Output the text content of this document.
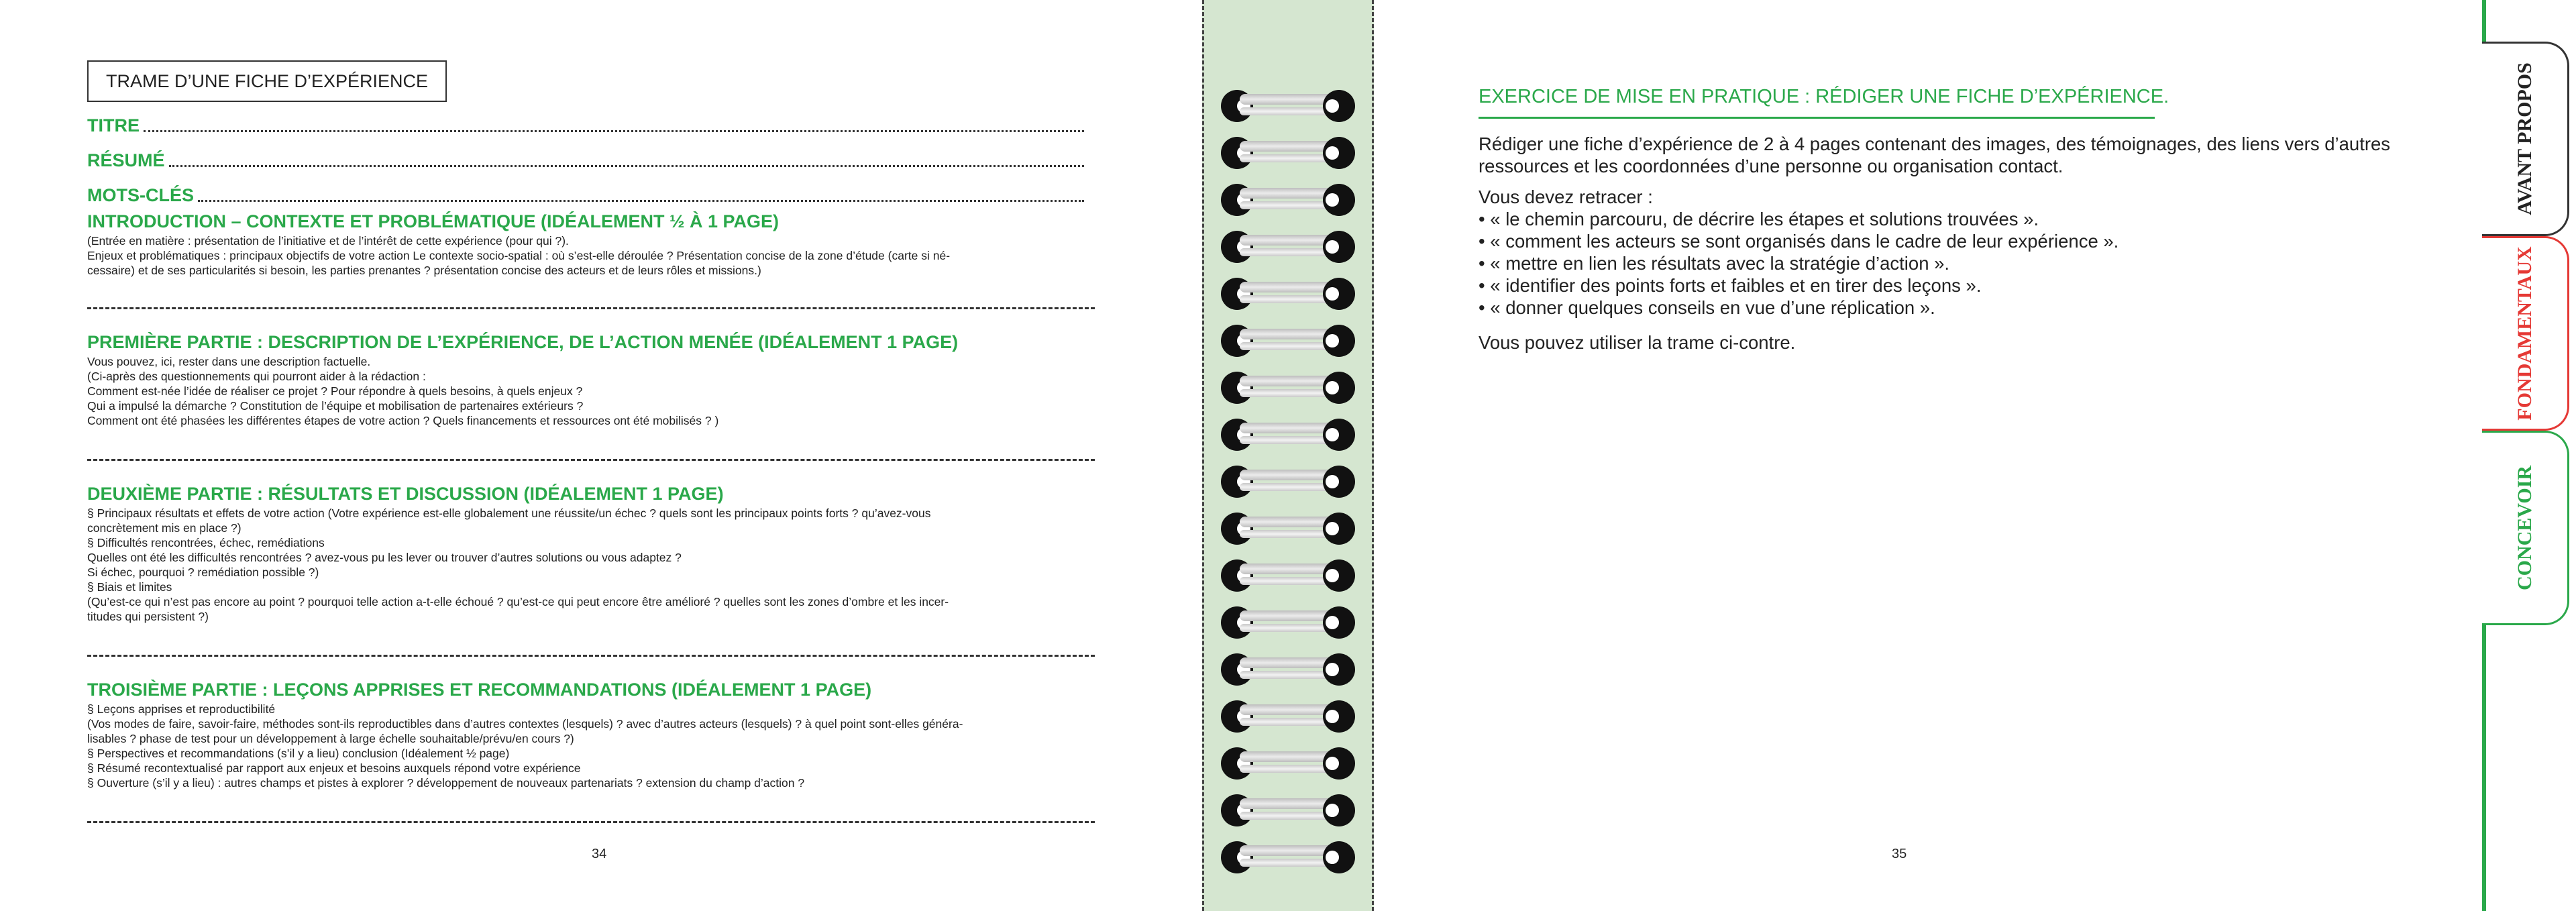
TRAME D’UNE FICHE D’EXPÉRIENCE
TITRE
RÉSUMÉ
MOTS-CLÉS
INTRODUCTION – CONTEXTE ET PROBLÉMATIQUE (IDÉALEMENT ½ À 1 PAGE)
(Entrée en matière : présentation de l’initiative et de l’intérêt de cette expérience (pour qui ?).
Enjeux et problématiques : principaux objectifs de votre action Le contexte socio-spatial : où s’est-elle déroulée ? Présentation concise de la zone d’étude (carte si né-
cessaire) et de ses particularités si besoin, les parties prenantes ? présentation concise des acteurs et de leurs rôles et missions.)
PREMIÈRE PARTIE : DESCRIPTION DE L’EXPÉRIENCE, DE L’ACTION MENÉE (IDÉALEMENT 1 PAGE)
Vous pouvez, ici, rester dans une description factuelle.
(Ci-après des questionnements qui pourront aider à la rédaction :
Comment est-née l’idée de réaliser ce projet ? Pour répondre à quels besoins, à quels enjeux ?
Qui a impulsé la démarche ? Constitution de l’équipe et mobilisation de partenaires extérieurs ?
Comment ont été phasées les différentes étapes de votre action ? Quels financements et ressources ont été mobilisés ? )
DEUXIÈME PARTIE : RÉSULTATS ET DISCUSSION (IDÉALEMENT 1 PAGE)
§ Principaux résultats et effets de votre action (Votre expérience est-elle globalement une réussite/un échec ? quels sont les principaux points forts ? qu’avez-vous
concrètement mis en place ?)
§ Difficultés rencontrées, échec, remédiations
Quelles ont été les difficultés rencontrées ? avez-vous pu les lever ou trouver d’autres solutions ou vous adaptez ?
Si échec, pourquoi ? remédiation possible ?)
§ Biais et limites
(Qu’est-ce qui n’est pas encore au point ? pourquoi telle action a-t-elle échoué ? qu’est-ce qui peut encore être amélioré ? quelles sont les zones d’ombre et les incer-
titudes qui persistent ?)
TROISIÈME PARTIE : LEÇONS APPRISES ET RECOMMANDATIONS (IDÉALEMENT 1 PAGE)
§ Leçons apprises et reproductibilité
(Vos modes de faire, savoir-faire, méthodes sont-ils reproductibles dans d’autres contextes (lesquels) ? avec d’autres acteurs (lesquels) ? à quel point sont-elles généra-
lisables ? phase de test pour un développement à large échelle souhaitable/prévu/en cours ?)
§ Perspectives et recommandations (s’il y a lieu) conclusion (Idéalement ½ page)
§ Résumé recontextualisé par rapport aux enjeux et besoins auxquels répond votre expérience
§ Ouverture (s’il y a lieu) : autres champs et pistes à explorer ? développement de nouveaux partenariats ? extension du champ d’action ?
34	35
EXERCICE DE MISE EN PRATIQUE : RÉDIGER UNE FICHE D’EXPÉRIENCE.
Rédiger une fiche d’expérience de 2 à 4 pages contenant des images, des témoignages, des liens vers d’autres
ressources et les coordonnées d’une personne ou organisation contact.
Vous devez retracer :
• « le chemin parcouru, de décrire les étapes et solutions trouvées ».
• « comment les acteurs se sont organisés dans le cadre de leur expérience ».
• « mettre en lien les résultats avec la stratégie d’action ».
• « identifier des points forts et faibles et en tirer des leçons ».
• « donner quelques conseils en vue d’une réplication ».
Vous pouvez utiliser la trame ci-contre.
AVANT PROPOS
FONDAMENTAUX
CONCEVOIR
